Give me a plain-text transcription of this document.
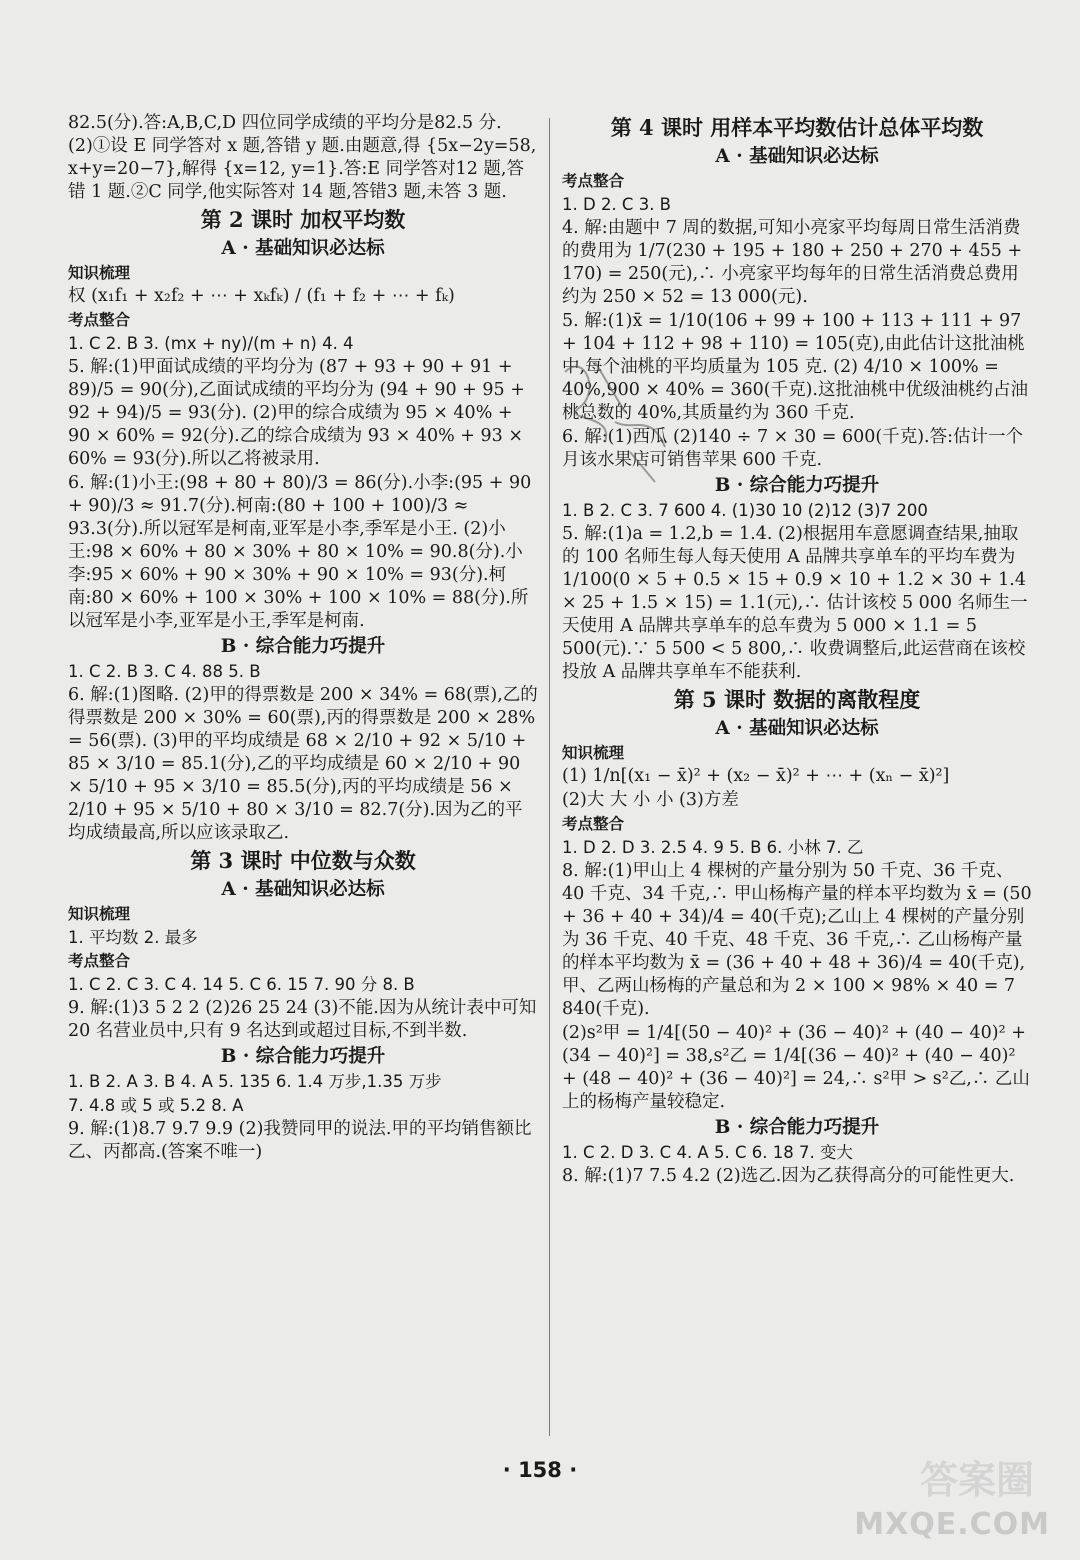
82.5(分).答:A,B,C,D 四位同学成绩的平均分是82.5 分.(2)①设 E 同学答对 x 题,答错 y 题.由题意,得 {5x−2y=58, x+y=20−7},解得 {x=12, y=1}.答:E 同学答对12 题,答错 1 题.②C 同学,他实际答对 14 题,答错3 题,未答 3 题.
第 2 课时 加权平均数
A · 基础知识必达标
知识梳理
权 (x₁f₁ + x₂f₂ + ⋯ + xₖfₖ) / (f₁ + f₂ + ⋯ + fₖ)
考点整合
1. C 2. B 3. (mx + ny)/(m + n) 4. 4
5. 解:(1)甲面试成绩的平均分为 (87 + 93 + 90 + 91 + 89)/5 = 90(分),乙面试成绩的平均分为 (94 + 90 + 95 + 92 + 94)/5 = 93(分). (2)甲的综合成绩为 95 × 40% + 90 × 60% = 92(分).乙的综合成绩为 93 × 40% + 93 × 60% = 93(分).所以乙将被录用.
6. 解:(1)小王:(98 + 80 + 80)/3 = 86(分).小李:(95 + 90 + 90)/3 ≈ 91.7(分).柯南:(80 + 100 + 100)/3 ≈ 93.3(分).所以冠军是柯南,亚军是小李,季军是小王. (2)小王:98 × 60% + 80 × 30% + 80 × 10% = 90.8(分).小李:95 × 60% + 90 × 30% + 90 × 10% = 93(分).柯南:80 × 60% + 100 × 30% + 100 × 10% = 88(分).所以冠军是小李,亚军是小王,季军是柯南.
B · 综合能力巧提升
1. C 2. B 3. C 4. 88 5. B
6. 解:(1)图略. (2)甲的得票数是 200 × 34% = 68(票),乙的得票数是 200 × 30% = 60(票),丙的得票数是 200 × 28% = 56(票). (3)甲的平均成绩是 68 × 2/10 + 92 × 5/10 + 85 × 3/10 = 85.1(分),乙的平均成绩是 60 × 2/10 + 90 × 5/10 + 95 × 3/10 = 85.5(分),丙的平均成绩是 56 × 2/10 + 95 × 5/10 + 80 × 3/10 = 82.7(分).因为乙的平均成绩最高,所以应该录取乙.
第 3 课时 中位数与众数
A · 基础知识必达标
知识梳理
1. 平均数 2. 最多
考点整合
1. C 2. C 3. C 4. 14 5. C 6. 15 7. 90 分 8. B
9. 解:(1)3 5 2 2 (2)26 25 24 (3)不能.因为从统计表中可知 20 名营业员中,只有 9 名达到或超过目标,不到半数.
B · 综合能力巧提升
1. B 2. A 3. B 4. A 5. 135 6. 1.4 万步,1.35 万步
7. 4.8 或 5 或 5.2 8. A
9. 解:(1)8.7 9.7 9.9 (2)我赞同甲的说法.甲的平均销售额比乙、丙都高.(答案不唯一)
第 4 课时 用样本平均数估计总体平均数
A · 基础知识必达标
考点整合
1. D 2. C 3. B
4. 解:由题中 7 周的数据,可知小亮家平均每周日常生活消费的费用为 1/7(230 + 195 + 180 + 250 + 270 + 455 + 170) = 250(元),∴ 小亮家平均每年的日常生活消费总费用约为 250 × 52 = 13 000(元).
5. 解:(1)x̄ = 1/10(106 + 99 + 100 + 113 + 111 + 97 + 104 + 112 + 98 + 110) = 105(克),由此估计这批油桃中,每个油桃的平均质量为 105 克. (2) 4/10 × 100% = 40%,900 × 40% = 360(千克).这批油桃中优级油桃约占油桃总数的 40%,其质量约为 360 千克.
6. 解:(1)西瓜 (2)140 ÷ 7 × 30 = 600(千克).答:估计一个月该水果店可销售苹果 600 千克.
B · 综合能力巧提升
1. B 2. C 3. 7 600 4. (1)30 10 (2)12 (3)7 200
5. 解:(1)a = 1.2,b = 1.4. (2)根据用车意愿调查结果,抽取的 100 名师生每人每天使用 A 品牌共享单车的平均车费为 1/100(0 × 5 + 0.5 × 15 + 0.9 × 10 + 1.2 × 30 + 1.4 × 25 + 1.5 × 15) = 1.1(元),∴ 估计该校 5 000 名师生一天使用 A 品牌共享单车的总车费为 5 000 × 1.1 = 5 500(元).∵ 5 500 < 5 800,∴ 收费调整后,此运营商在该校投放 A 品牌共享单车不能获利.
第 5 课时 数据的离散程度
A · 基础知识必达标
知识梳理
(1) 1/n[(x₁ − x̄)² + (x₂ − x̄)² + ⋯ + (xₙ − x̄)²]
(2)大 大 小 小 (3)方差
考点整合
1. D 2. D 3. 2.5 4. 9 5. B 6. 小林 7. 乙
8. 解:(1)甲山上 4 棵树的产量分别为 50 千克、36 千克、40 千克、34 千克,∴ 甲山杨梅产量的样本平均数为 x̄ = (50 + 36 + 40 + 34)/4 = 40(千克);乙山上 4 棵树的产量分别为 36 千克、40 千克、48 千克、36 千克,∴ 乙山杨梅产量的样本平均数为 x̄ = (36 + 40 + 48 + 36)/4 = 40(千克),甲、乙两山杨梅的产量总和为 2 × 100 × 98% × 40 = 7 840(千克).
(2)s²甲 = 1/4[(50 − 40)² + (36 − 40)² + (40 − 40)² + (34 − 40)²] = 38,s²乙 = 1/4[(36 − 40)² + (40 − 40)² + (48 − 40)² + (36 − 40)²] = 24,∴ s²甲 > s²乙,∴ 乙山上的杨梅产量较稳定.
B · 综合能力巧提升
1. C 2. D 3. C 4. A 5. C 6. 18 7. 变大
8. 解:(1)7 7.5 4.2 (2)选乙.因为乙获得高分的可能性更大.
· 158 ·	答案圈
MXQE.COM
